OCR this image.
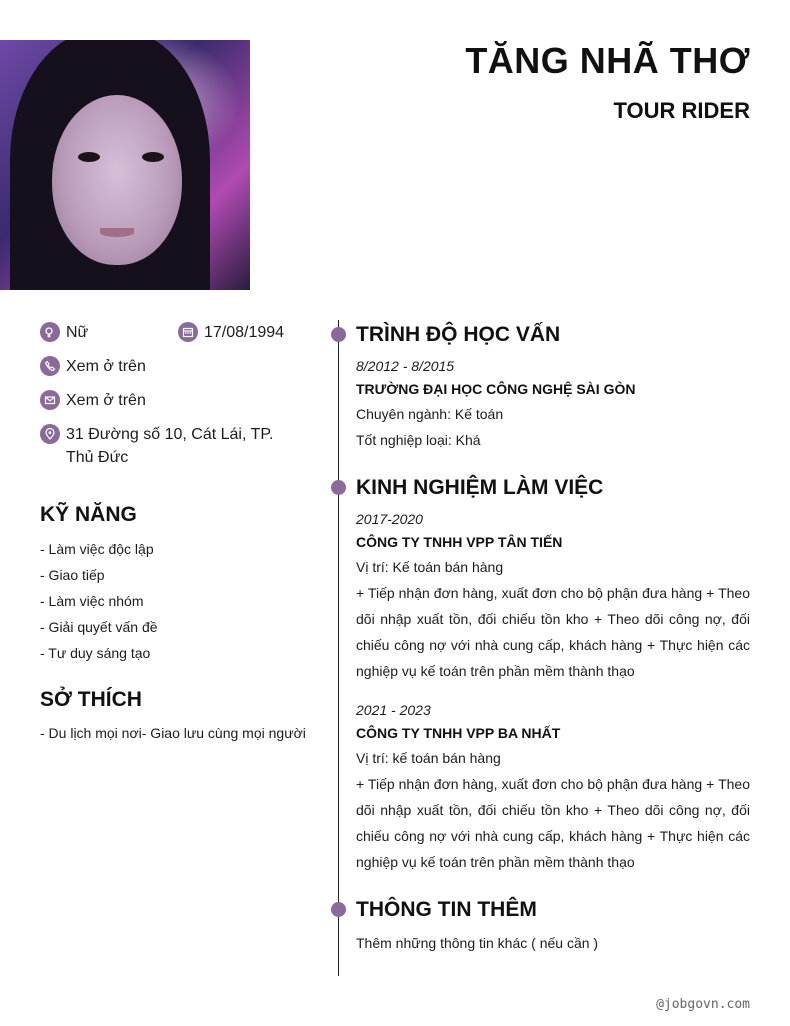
TĂNG NHÃ THƠ
TOUR RIDER
Nữ	17/08/1994
Xem ở trên
Xem ở trên
31 Đường số 10, Cát Lái, TP. Thủ Đức
KỸ NĂNG
- Làm việc độc lập
- Giao tiếp
- Làm việc nhóm
- Giải quyết vấn đề
- Tư duy sáng tạo
SỞ THÍCH
- Du lịch mọi nơi- Giao lưu cùng mọi người
TRÌNH ĐỘ HỌC VẤN
8/2012 - 8/2015
TRƯỜNG ĐẠI HỌC CÔNG NGHỆ SÀI GÒN
Chuyên ngành: Kế toán
Tốt nghiệp loại: Khá
KINH NGHIỆM LÀM VIỆC
2017-2020
CÔNG TY TNHH VPP TÂN TIẾN
Vị trí: Kế toán bán hàng

+ Tiếp nhận đơn hàng, xuất đơn cho bộ phận đưa hàng + Theo dõi nhập xuất tồn, đối chiếu tồn kho + Theo dõi công nợ, đối chiếu công nợ với nhà cung cấp, khách hàng + Thực hiện các nghiệp vụ kế toán trên phần mềm thành thạo

2021 - 2023
CÔNG TY TNHH VPP BA NHẤT
Vị trí: kế toán bán hàng

+ Tiếp nhận đơn hàng, xuất đơn cho bộ phận đưa hàng + Theo dõi nhập xuất tồn, đối chiếu tồn kho + Theo dõi công nợ, đối chiếu công nợ với nhà cung cấp, khách hàng + Thực hiện các nghiệp vụ kế toán trên phần mềm thành thạo

THÔNG TIN THÊM
Thêm những thông tin khác ( nếu cần )
@jobgovn.com
